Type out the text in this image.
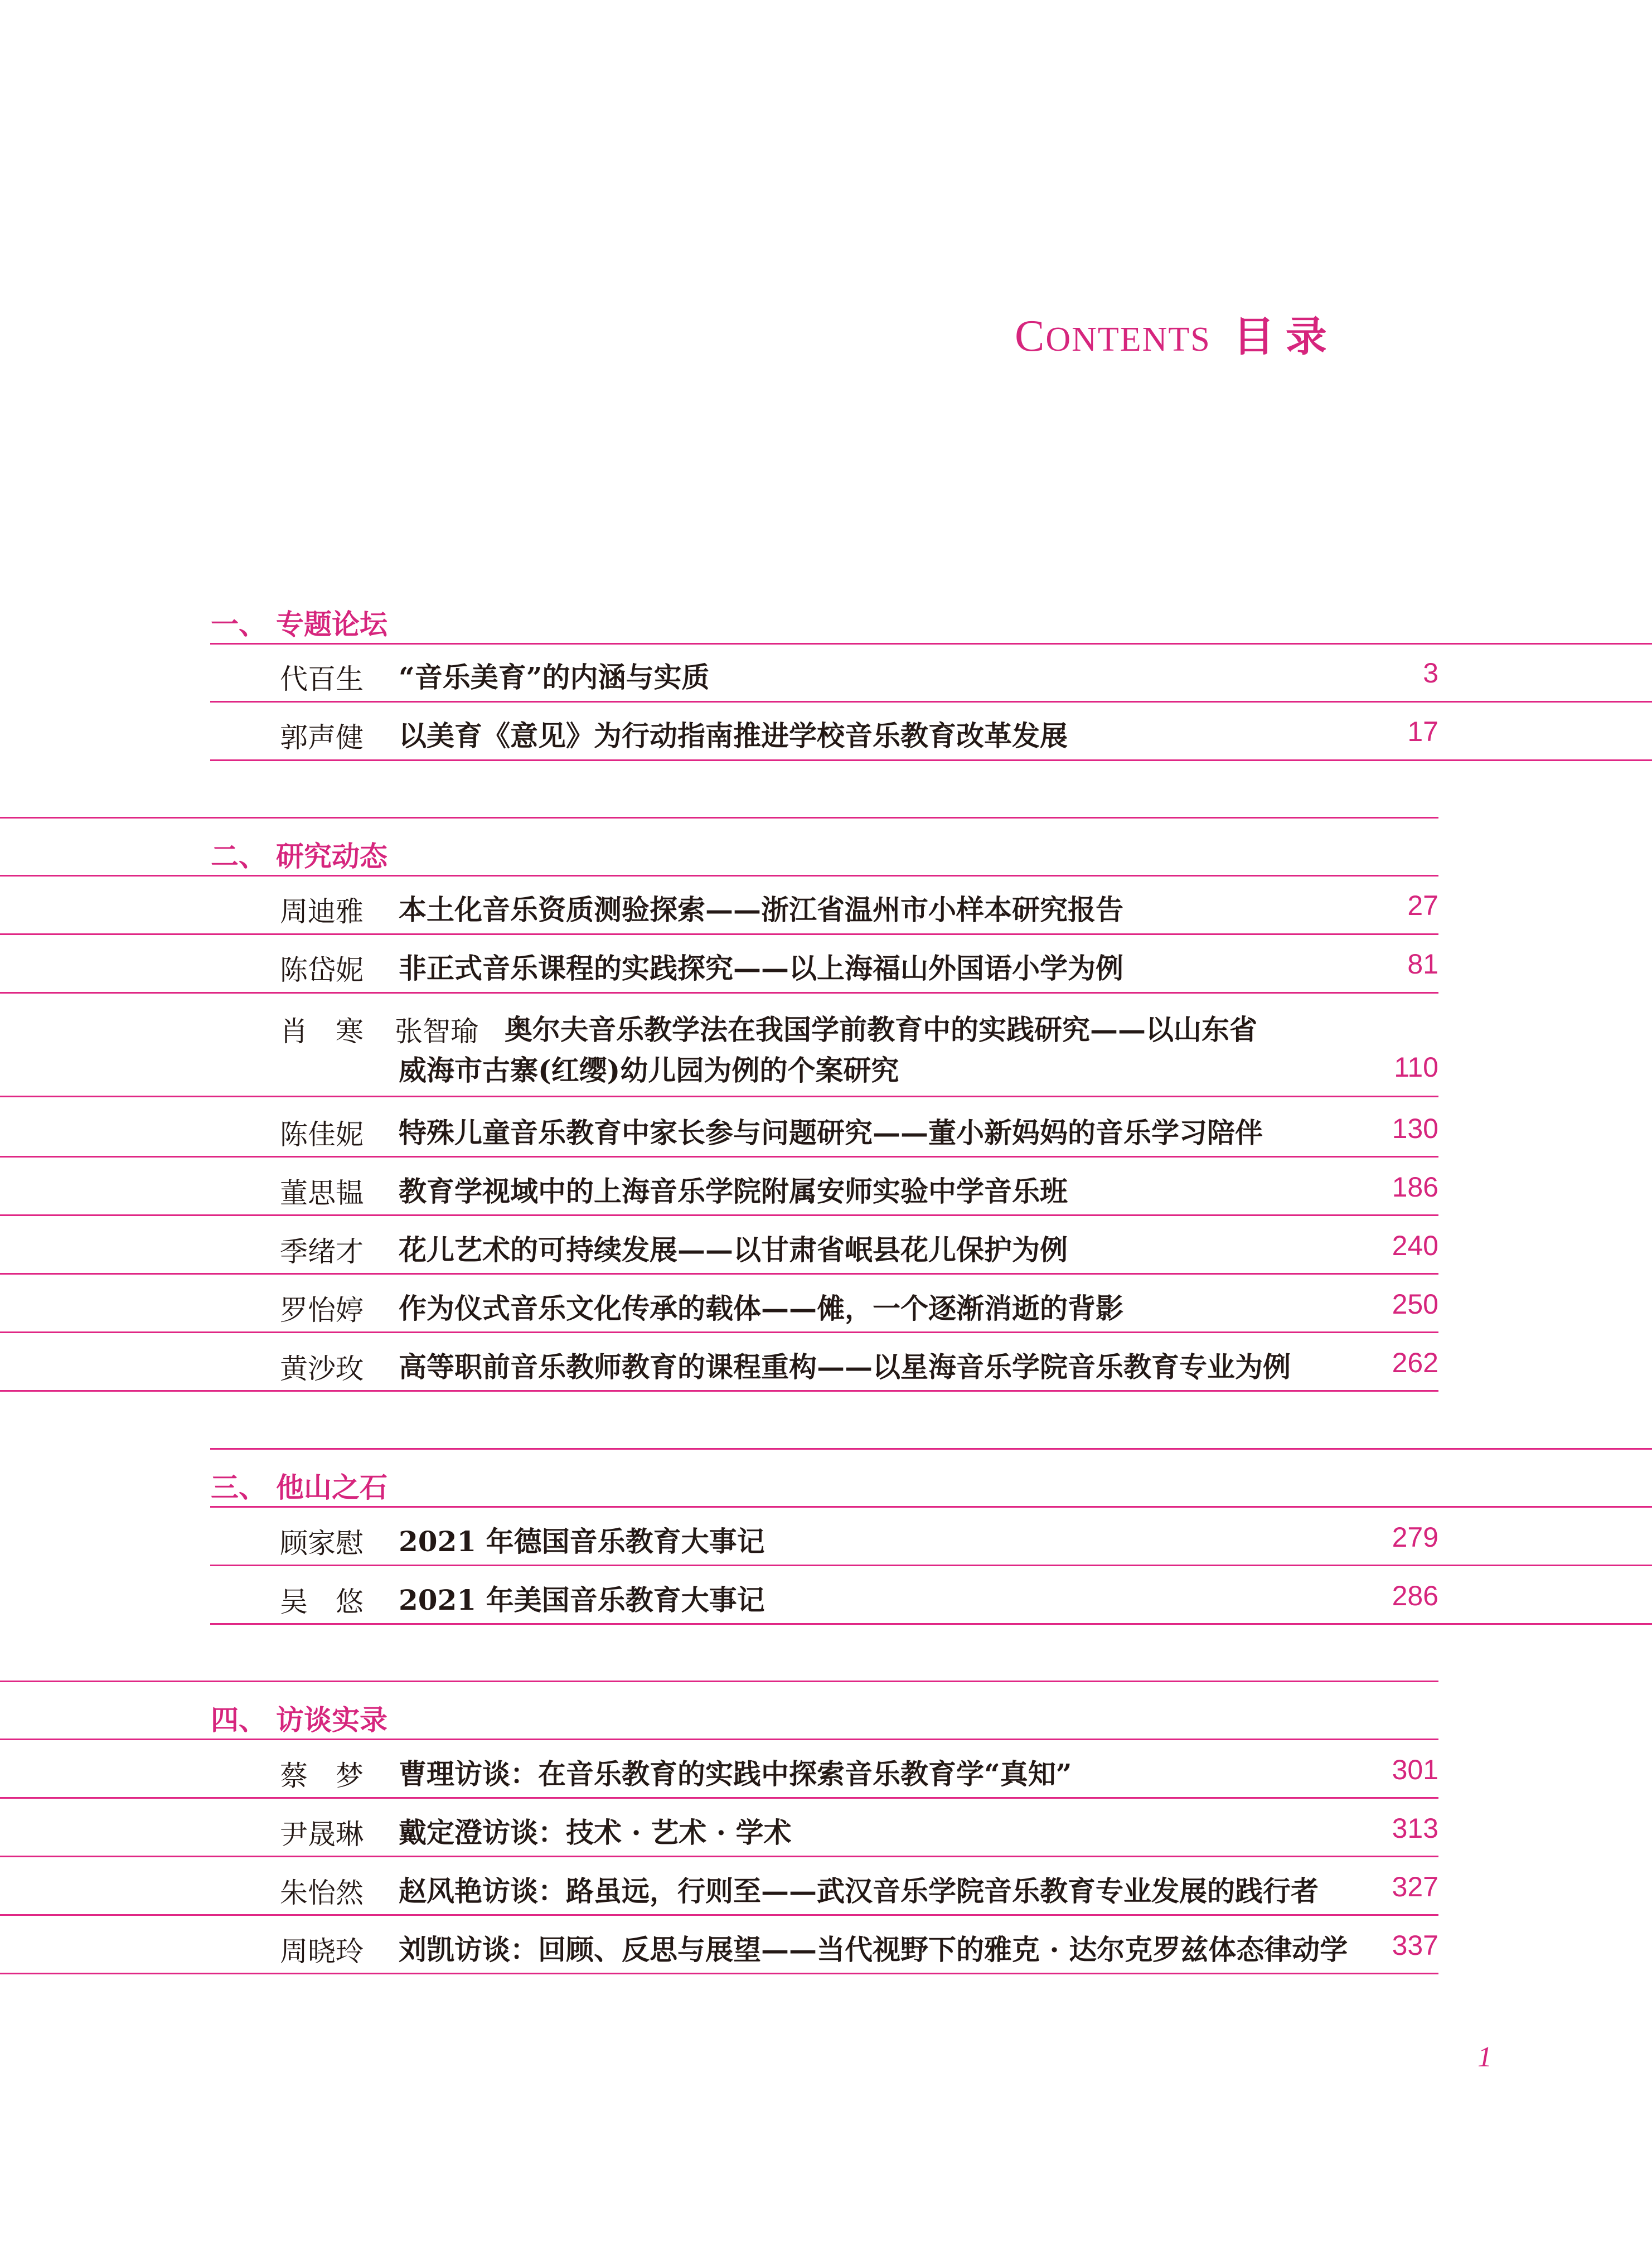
CONTENTS 目录
一、 专题论坛
代百生 “音乐美育”的内涵与实质	3
郭声健 以美育《意见》为行动指南推进学校音乐教育改革发展	17
二、 研究动态
周迪雅 本土化音乐资质测验探索——浙江省温州市小样本研究报告	27
陈岱妮 非正式音乐课程的实践探究——以上海福山外国语小学为例	81
肖　寒 张智瑜 奥尔夫音乐教学法在我国学前教育中的实践研究——以山东省
威海市古寨(红缨)幼儿园为例的个案研究	110
陈佳妮 特殊儿童音乐教育中家长参与问题研究——董小新妈妈的音乐学习陪伴	130
董思韫 教育学视域中的上海音乐学院附属安师实验中学音乐班	186
季绪才 花儿艺术的可持续发展——以甘肃省岷县花儿保护为例	240
罗怡婷 作为仪式音乐文化传承的载体——傩，一个逐渐消逝的背影	250
黄沙玫 高等职前音乐教师教育的课程重构——以星海音乐学院音乐教育专业为例	262
三、 他山之石
顾家慰 2021 年德国音乐教育大事记	279
吴　悠 2021 年美国音乐教育大事记	286
四、 访谈实录
蔡　梦 曹理访谈：在音乐教育的实践中探索音乐教育学“真知”	301
尹晟琳 戴定澄访谈：技术 · 艺术 · 学术	313
朱怡然 赵风艳访谈：路虽远，行则至——武汉音乐学院音乐教育专业发展的践行者	327
周晓玲 刘凯访谈：回顾、反思与展望——当代视野下的雅克 · 达尔克罗兹体态律动学	337
1
